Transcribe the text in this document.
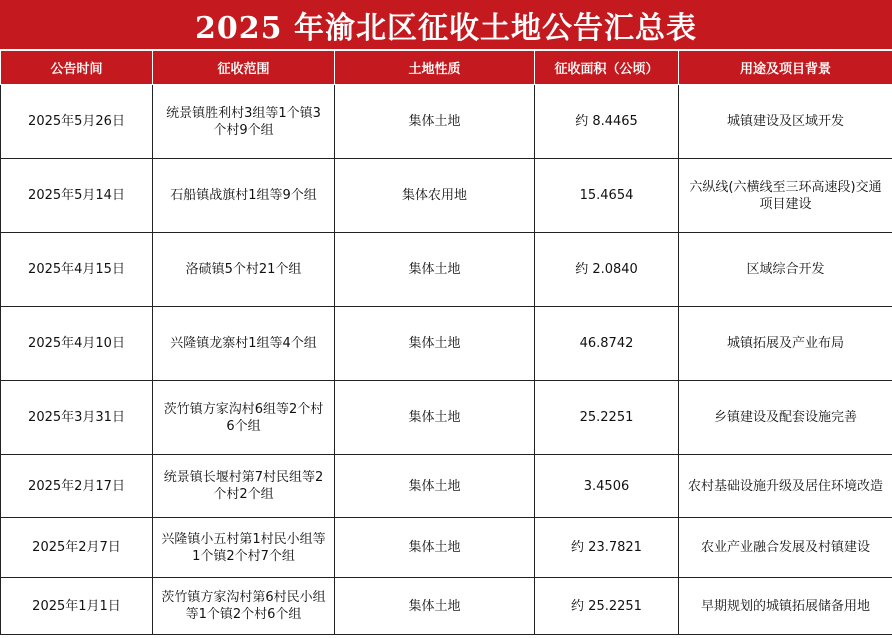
2025 年渝北区征收土地公告汇总表
公告时间	征收范围	土地性质	征收面积（公顷）	用途及项目背景
2025年5月26日	统景镇胜利村3组等1个镇3个村9个组	集体土地	约 8.4465	城镇建设及区域开发
2025年5月14日	石船镇战旗村1组等9个组	集体农用地	15.4654	六纵线(六横线至三环高速段)交通项目建设
2025年4月15日	洛碛镇5个村21个组	集体土地	约 2.0840	区域综合开发
2025年4月10日	兴隆镇龙寨村1组等4个组	集体土地	46.8742	城镇拓展及产业布局
2025年3月31日	茨竹镇方家沟村6组等2个村6个组	集体土地	25.2251	乡镇建设及配套设施完善
2025年2月17日	统景镇长堰村第7村民组等2个村2个组	集体土地	3.4506	农村基础设施升级及居住环境改造
2025年2月7日	兴隆镇小五村第1村民小组等1个镇2个村7个组	集体土地	约 23.7821	农业产业融合发展及村镇建设
2025年1月1日	茨竹镇方家沟村第6村民小组等1个镇2个村6个组	集体土地	约 25.2251	早期规划的城镇拓展储备用地
